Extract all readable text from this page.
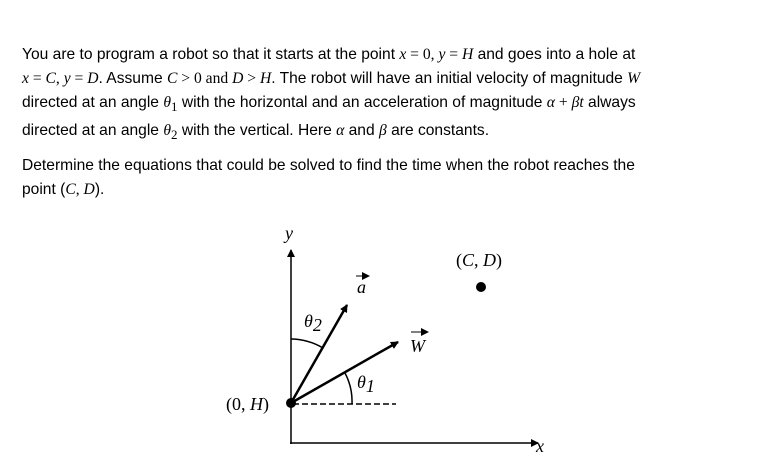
You are to program a robot so that it starts at the point x = 0, y = H and goes into a hole at
x = C, y = D. Assume C > 0 and D > H. The robot will have an initial velocity of magnitude W
directed at an angle $\theta_1$ with the horizontal and an acceleration of magnitude α + βt always
directed at an angle $\theta_2$ with the vertical. Here α and β are constants.

Determine the equations that could be solved to find the time when the robot reaches the
point (C, D).

y
x
a
W
θ2
θ1
(0, H)
(C, D)
